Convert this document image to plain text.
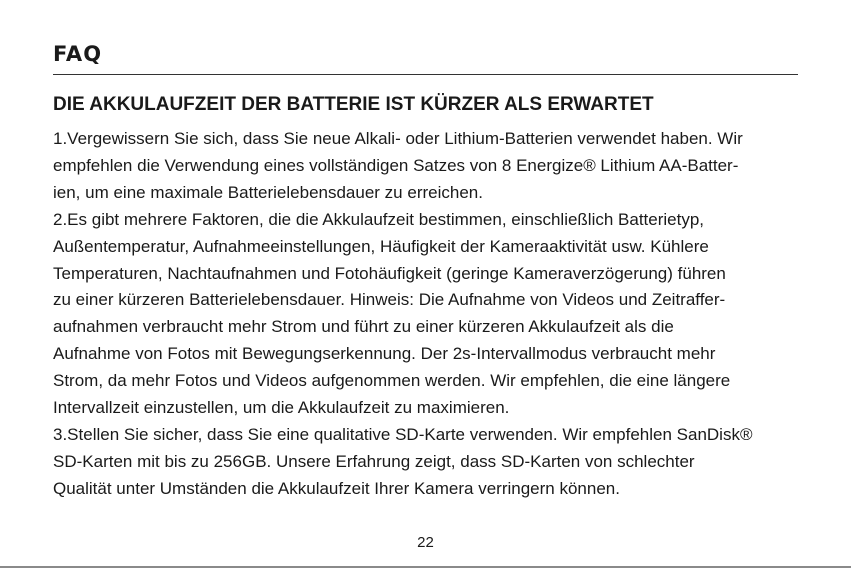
FAQ
DIE AKKULAUFZEIT DER BATTERIE IST KÜRZER ALS ERWARTET
1.Vergewissern Sie sich, dass Sie neue Alkali- oder Lithium-Batterien verwendet haben. Wir
empfehlen die Verwendung eines vollständigen Satzes von 8 Energize® Lithium AA-Batter-
ien, um eine maximale Batterielebensdauer zu erreichen.
2.Es gibt mehrere Faktoren, die die Akkulaufzeit bestimmen, einschließlich Batterietyp,
Außentemperatur, Aufnahmeeinstellungen, Häufigkeit der Kameraaktivität usw. Kühlere
Temperaturen, Nachtaufnahmen und Fotohäufigkeit (geringe Kameraverzögerung) führen
zu einer kürzeren Batterielebensdauer. Hinweis: Die Aufnahme von Videos und Zeitraffer-
aufnahmen verbraucht mehr Strom und führt zu einer kürzeren Akkulaufzeit als die
Aufnahme von Fotos mit Bewegungserkennung. Der 2s-Intervallmodus verbraucht mehr
Strom, da mehr Fotos und Videos aufgenommen werden. Wir empfehlen, die eine längere
Intervallzeit einzustellen, um die Akkulaufzeit zu maximieren.
3.Stellen Sie sicher, dass Sie eine qualitative SD-Karte verwenden. Wir empfehlen SanDisk®
SD-Karten mit bis zu 256GB. Unsere Erfahrung zeigt, dass SD-Karten von schlechter
Qualität unter Umständen die Akkulaufzeit Ihrer Kamera verringern können.
22
